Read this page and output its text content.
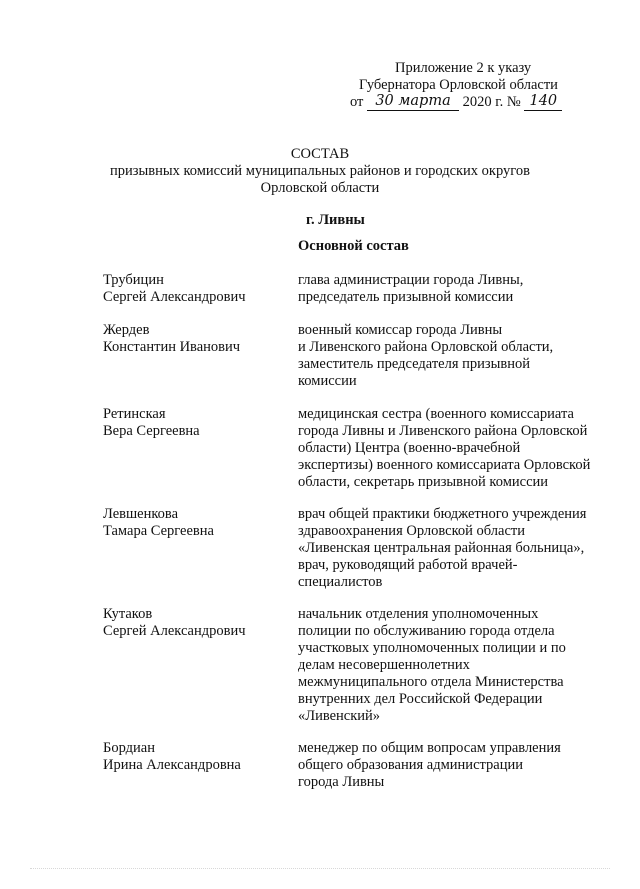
Приложение 2 к указу
Губернатора Орловской области
от 30 марта 2020 г. № 140
СОСТАВ
призывных комиссий муниципальных районов и городских округов
Орловской области
г. Ливны
Основной состав
Трубицин
Сергей Александрович
глава администрации города Ливны,
председатель призывной комиссии
Жердев
Константин Иванович
военный комиссар города Ливны
и Ливенского района Орловской области,
заместитель председателя призывной
комиссии
Ретинская
Вера Сергеевна
медицинская сестра (военного комиссариата
города Ливны и Ливенского района Орловской
области) Центра (военно-врачебной
экспертизы) военного комиссариата Орловской
области, секретарь призывной комиссии
Левшенкова
Тамара Сергеевна
врач общей практики бюджетного учреждения
здравоохранения Орловской области
«Ливенская центральная районная больница»,
врач, руководящий работой врачей-
специалистов
Кутаков
Сергей Александрович
начальник отделения уполномоченных
полиции по обслуживанию города отдела
участковых уполномоченных полиции и по
делам несовершеннолетних
межмуниципального отдела Министерства
внутренних дел Российской Федерации
«Ливенский»
Бордиан
Ирина Александровна
менеджер по общим вопросам управления
общего образования администрации
города Ливны
